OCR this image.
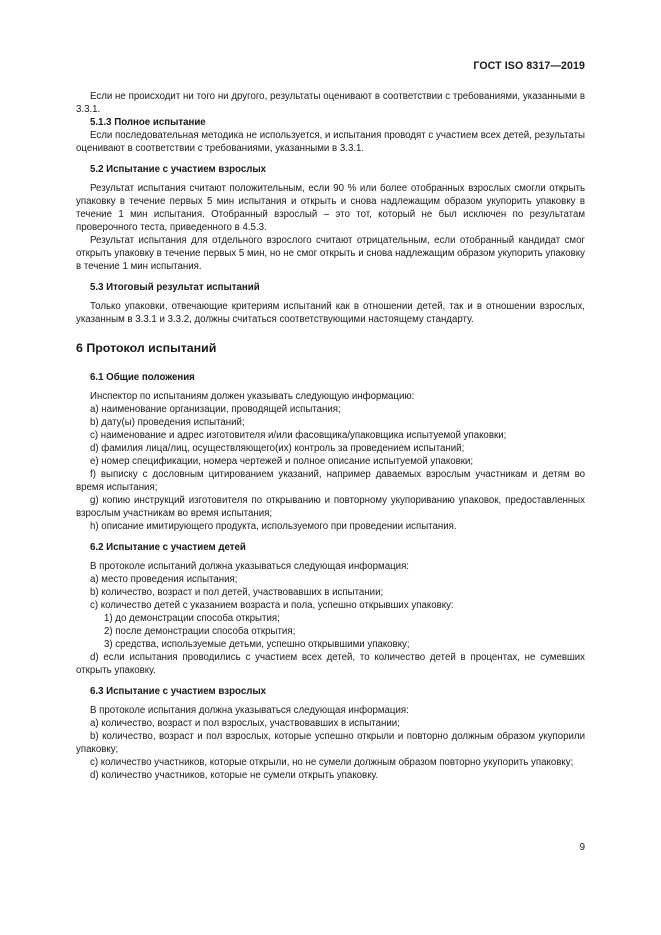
ГОСТ ISO 8317—2019

Если не происходит ни того ни другого, результаты оценивают в соответствии с требованиями, указанными в 3.3.1.

5.1.3 Полное испытание

Если последовательная методика не используется, и испытания проводят с участием всех детей, результаты оценивают в соответствии с требованиями, указанными в 3.3.1.

5.2 Испытание с участием взрослых

Результат испытания считают положительным, если 90 % или более отобранных взрослых смогли открыть упаковку в течение первых 5 мин испытания и открыть и снова надлежащим образом укупорить упаковку в течение 1 мин испытания. Отобранный взрослый – это тот, который не был исключен по результатам проверочного теста, приведенного в 4.5.3.

Результат испытания для отдельного взрослого считают отрицательным, если отобранный кандидат смог открыть упаковку в течение первых 5 мин, но не смог открыть и снова надлежащим образом укупорить упаковку в течение 1 мин испытания.

5.3 Итоговый результат испытаний

Только упаковки, отвечающие критериям испытаний как в отношении детей, так и в отношении взрослых, указанным в 3.3.1 и 3.3.2, должны считаться соответствующими настоящему стандарту.

6 Протокол испытаний

6.1 Общие положения

Инспектор по испытаниям должен указывать следующую информацию:

a) наименование организации, проводящей испытания;

b) дату(ы) проведения испытаний;

c) наименование и адрес изготовителя и/или фасовщика/упаковщика испытуемой упаковки;

d) фамилия лица/лиц, осуществляющего(их) контроль за проведением испытаний;

e) номер спецификации, номера чертежей и полное описание испытуемой упаковки;

f) выписку с дословным цитированием указаний, например даваемых взрослым участникам и детям во время испытания;

g) копию инструкций изготовителя по открыванию и повторному укупориванию упаковок, предоставленных взрослым участникам во время испытания;

h) описание имитирующего продукта, используемого при проведении испытания.

6.2 Испытание с участием детей

В протоколе испытаний должна указываться следующая информация:

a) место проведения испытания;

b) количество, возраст и пол детей, участвовавших в испытании;

c) количество детей с указанием возраста и пола, успешно открывших упаковку:

1) до демонстрации способа открытия;

2) после демонстрации способа открытия;

3) средства, используемые детьми, успешно открывшими упаковку;

d) если испытания проводились с участием всех детей, то количество детей в процентах, не сумевших открыть упаковку.

6.3 Испытание с участием взрослых

В протоколе испытания должна указываться следующая информация:

a) количество, возраст и пол взрослых, участвовавших в испытании;

b) количество, возраст и пол взрослых, которые успешно открыли и повторно должным образом укупорили упаковку;

c) количество участников, которые открыли, но не сумели должным образом повторно укупорить упаковку;

d) количество участников, которые не сумели открыть упаковку.

9
